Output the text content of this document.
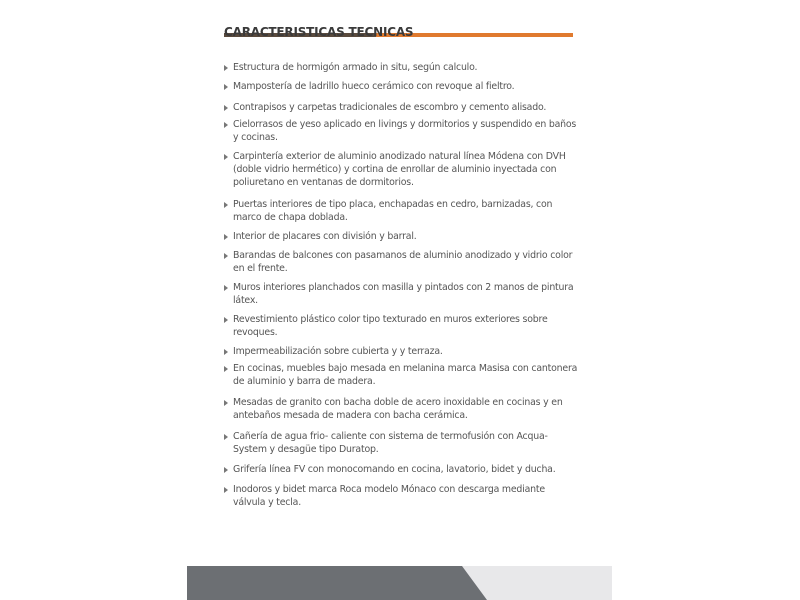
CARACTERISTICAS TECNICAS
Estructura de hormigón armado in situ, según calculo.
Mampostería de ladrillo hueco cerámico con revoque al fieltro.
Contrapisos y carpetas tradicionales de escombro y cemento alisado.
Cielorrasos de yeso aplicado en livings y dormitorios y suspendido en baños y cocinas.
Carpintería exterior de aluminio anodizado natural línea Módena con DVH (doble vidrio hermético) y cortina de enrollar de aluminio inyectada con poliuretano en ventanas de dormitorios.
Puertas interiores de tipo placa, enchapadas en cedro, barnizadas, con marco de chapa doblada.
Interior de placares con división y barral.
Barandas de balcones con pasamanos de aluminio anodizado y vidrio color en el frente.
Muros interiores planchados con masilla y pintados con 2 manos de pintura látex.
Revestimiento plástico color tipo texturado en muros exteriores sobre revoques.
Impermeabilización sobre cubierta y y terraza.
En cocinas, muebles bajo mesada en melanina marca Masisa con cantonera de aluminio y barra de madera.
Mesadas de granito con bacha doble de acero inoxidable en cocinas y en antebaños mesada de madera con bacha cerámica.
Cañería de agua frio- caliente con sistema de termofusión con Acqua- System y desagüe tipo Duratop.
Grifería línea FV con monocomando en cocina, lavatorio, bidet y ducha.
Inodoros y bidet marca Roca modelo Mónaco con descarga mediante válvula y tecla.
